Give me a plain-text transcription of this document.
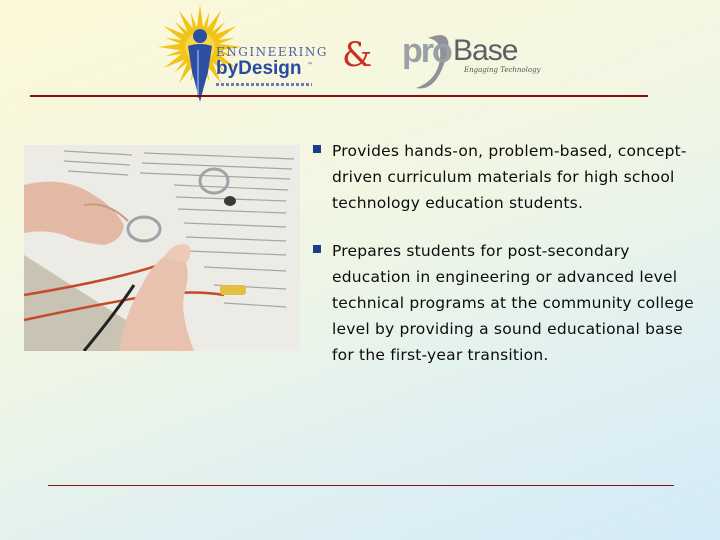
ENGINEERING
byDesign ™ & pro Base
Engaging Technology
Provides hands-on, problem-based, concept-driven curriculum materials for high school technology education students.
Prepares students for post-secondary education in engineering or advanced level technical programs at the community college level by providing a sound educational base for the first-year transition.
